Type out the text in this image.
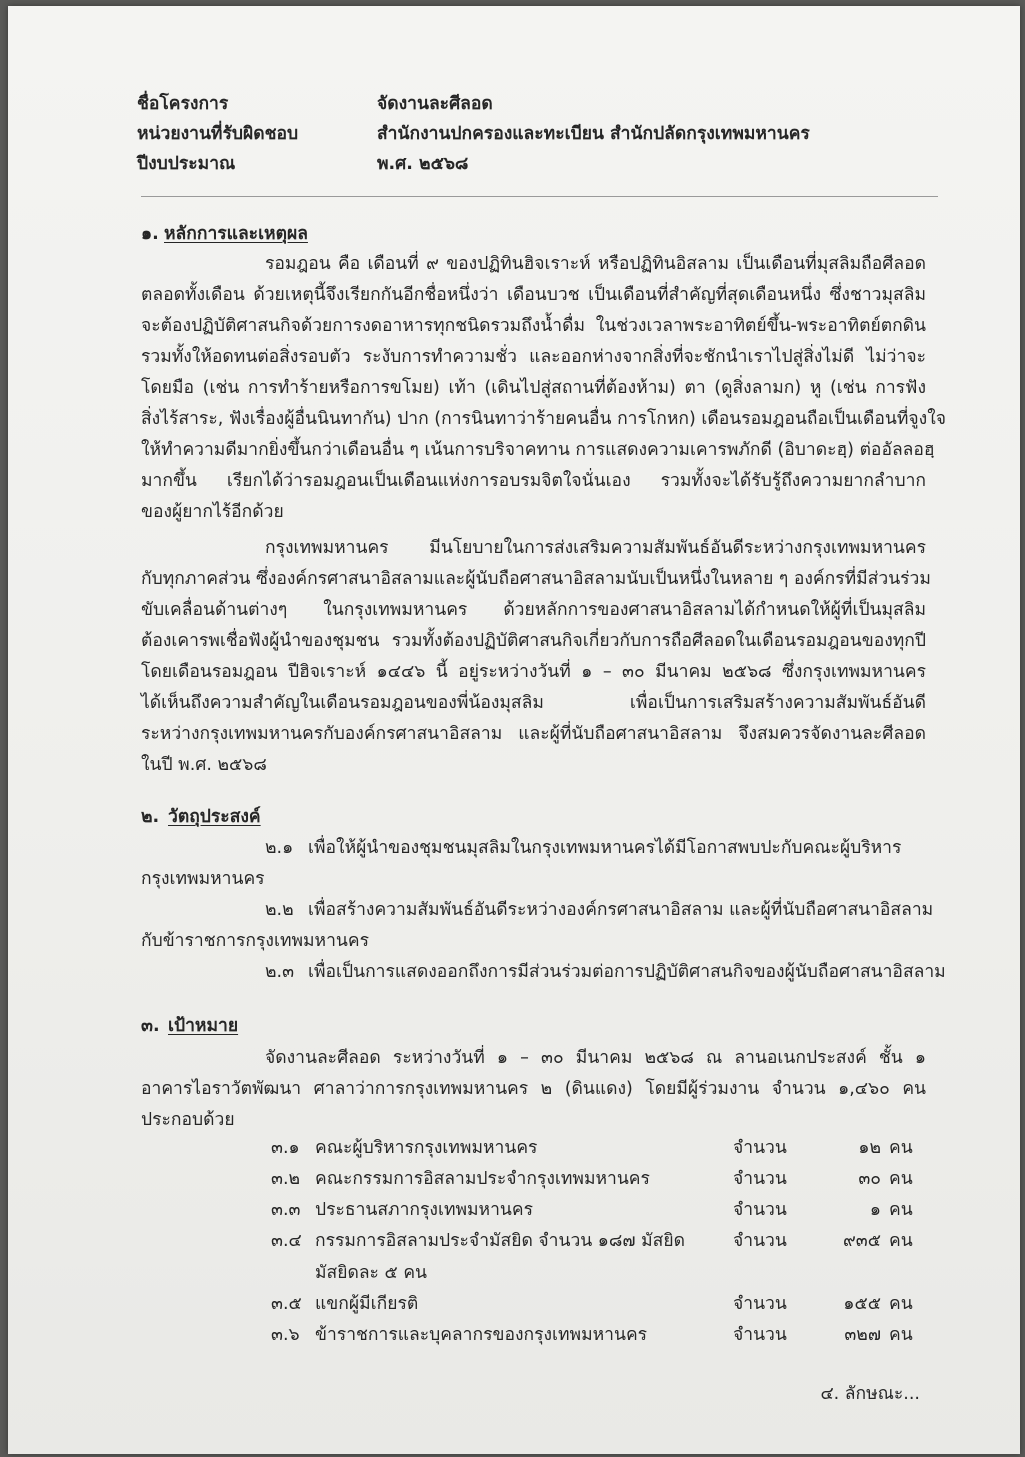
ชื่อโครงการ	จัดงานละศีลอด
หน่วยงานที่รับผิดชอบ	สำนักงานปกครองและทะเบียน สำนักปลัดกรุงเทพมหานคร
ปีงบประมาณ	พ.ศ. ๒๕๖๘
๑. หลักการและเหตุผล
รอมฎอน คือ เดือนที่ ๙ ของปฏิทินฮิจเราะห์ หรือปฏิทินอิสลาม เป็นเดือนที่มุสลิมถือศีลอด
ตลอดทั้งเดือน ด้วยเหตุนี้จึงเรียกกันอีกชื่อหนึ่งว่า เดือนบวช เป็นเดือนที่สำคัญที่สุดเดือนหนึ่ง ซึ่งชาวมุสลิม
จะต้องปฏิบัติศาสนกิจด้วยการงดอาหารทุกชนิดรวมถึงน้ำดื่ม ในช่วงเวลาพระอาทิตย์ขึ้น-พระอาทิตย์ตกดิน
รวมทั้งให้อดทนต่อสิ่งรอบตัว ระงับการทำความชั่ว และออกห่างจากสิ่งที่จะชักนำเราไปสู่สิ่งไม่ดี ไม่ว่าจะ
โดยมือ (เช่น การทำร้ายหรือการขโมย) เท้า (เดินไปสู่สถานที่ต้องห้าม) ตา (ดูสิ่งลามก) หู (เช่น การฟัง
สิ่งไร้สาระ, ฟังเรื่องผู้อื่นนินทากัน) ปาก (การนินทาว่าร้ายคนอื่น การโกหก) เดือนรอมฎอนถือเป็นเดือนที่จูงใจ
ให้ทำความดีมากยิ่งขึ้นกว่าเดือนอื่น ๆ เน้นการบริจาคทาน การแสดงความเคารพภักดี (อิบาดะฮฺ) ต่ออัลลอฮฺ
มากขึ้น เรียกได้ว่ารอมฎอนเป็นเดือนแห่งการอบรมจิตใจนั่นเอง รวมทั้งจะได้รับรู้ถึงความยากลำบาก
ของผู้ยากไร้อีกด้วย
กรุงเทพมหานคร มีนโยบายในการส่งเสริมความสัมพันธ์อันดีระหว่างกรุงเทพมหานคร
กับทุกภาคส่วน ซึ่งองค์กรศาสนาอิสลามและผู้นับถือศาสนาอิสลามนับเป็นหนึ่งในหลาย ๆ องค์กรที่มีส่วนร่วม
ขับเคลื่อนด้านต่างๆ ในกรุงเทพมหานคร ด้วยหลักการของศาสนาอิสลามได้กำหนดให้ผู้ที่เป็นมุสลิม
ต้องเคารพเชื่อฟังผู้นำของชุมชน รวมทั้งต้องปฏิบัติศาสนกิจเกี่ยวกับการถือศีลอดในเดือนรอมฎอนของทุกปี
โดยเดือนรอมฎอน ปีฮิจเราะห์ ๑๔๔๖ นี้ อยู่ระหว่างวันที่ ๑ – ๓๐ มีนาคม ๒๕๖๘ ซึ่งกรุงเทพมหานคร
ได้เห็นถึงความสำคัญในเดือนรอมฎอนของพี่น้องมุสลิม เพื่อเป็นการเสริมสร้างความสัมพันธ์อันดี
ระหว่างกรุงเทพมหานครกับองค์กรศาสนาอิสลาม และผู้ที่นับถือศาสนาอิสลาม จึงสมควรจัดงานละศีลอด
ในปี พ.ศ. ๒๕๖๘
๒. วัตถุประสงค์
๒.๑ เพื่อให้ผู้นำของชุมชนมุสลิมในกรุงเทพมหานครได้มีโอกาสพบปะกับคณะผู้บริหาร
กรุงเทพมหานคร
๒.๒ เพื่อสร้างความสัมพันธ์อันดีระหว่างองค์กรศาสนาอิสลาม และผู้ที่นับถือศาสนาอิสลาม
กับข้าราชการกรุงเทพมหานคร
๒.๓ เพื่อเป็นการแสดงออกถึงการมีส่วนร่วมต่อการปฏิบัติศาสนกิจของผู้นับถือศาสนาอิสลาม
๓. เป้าหมาย
จัดงานละศีลอด ระหว่างวันที่ ๑ – ๓๐ มีนาคม ๒๕๖๘ ณ ลานอเนกประสงค์ ชั้น ๑
อาคารไอราวัตพัฒนา ศาลาว่าการกรุงเทพมหานคร ๒ (ดินแดง) โดยมีผู้ร่วมงาน จำนวน ๑,๔๖๐ คน
ประกอบด้วย
๓.๑ คณะผู้บริหารกรุงเทพมหานคร	จำนวน	๑๒ คน
๓.๒ คณะกรรมการอิสลามประจำกรุงเทพมหานคร	จำนวน	๓๐ คน
๓.๓ ประธานสภากรุงเทพมหานคร	จำนวน	๑ คน
๓.๔ กรรมการอิสลามประจำมัสยิด จำนวน ๑๘๗ มัสยิด	จำนวน	๙๓๕ คน
มัสยิดละ ๕ คน
๓.๕ แขกผู้มีเกียรติ	จำนวน	๑๕๕ คน
๓.๖ ข้าราชการและบุคลากรของกรุงเทพมหานคร	จำนวน	๓๒๗ คน
๔. ลักษณะ...
